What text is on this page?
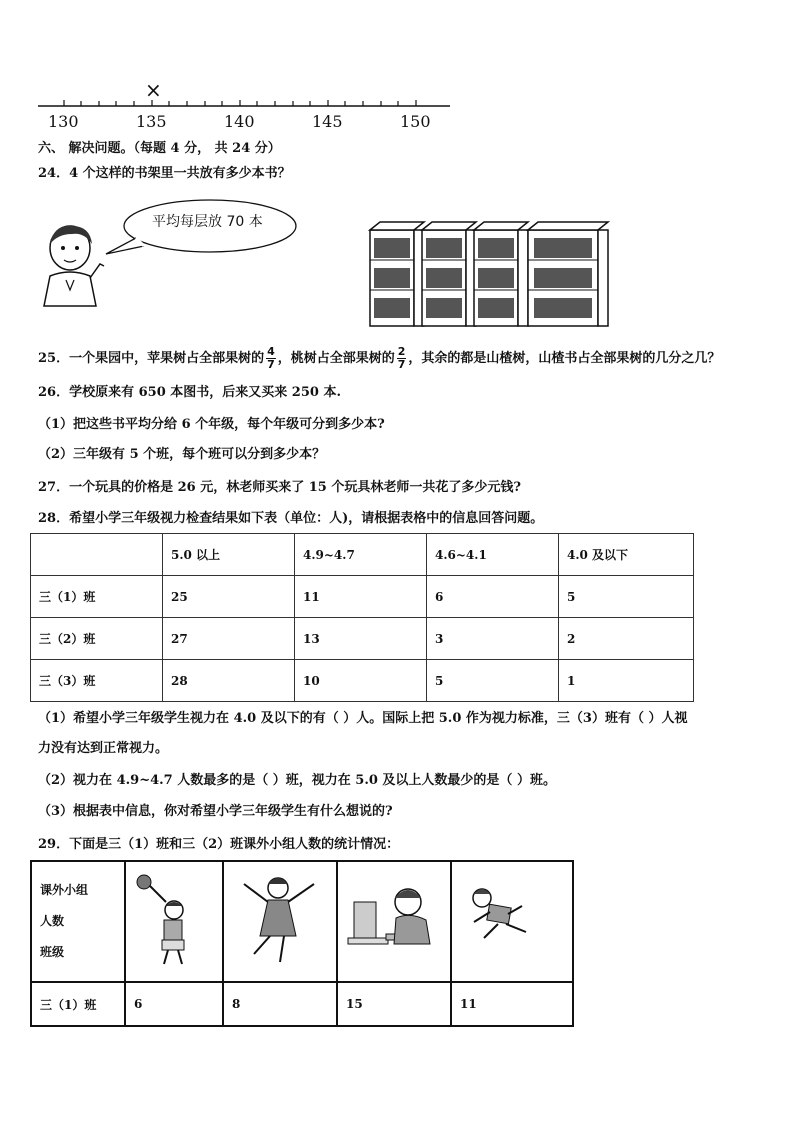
×
130	135	140	145	150
六、 解决问题。（每题 4 分， 共 24 分）
24．4 个这样的书架里一共放有多少本书？
平均每层放 70 本
25．一个果园中，苹果树占全部果树的 $\frac{4}{7}$ ，桃树占全部果树的 $\frac{2}{7}$ ，其余的都是山楂树，山楂书占全部果树的几分之几？
26．学校原来有 650 本图书，后来又买来 250 本.
（1）把这些书平均分给 6 个年级，每个年级可分到多少本?
（2）三年级有 5 个班，每个班可以分到多少本？
27．一个玩具的价格是 26 元，林老师买来了 15 个玩具林老师一共花了多少元钱?
28．希望小学三年级视力检查结果如下表（单位：人)，请根据表格中的信息回答问题。
	5.0 以上	4.9~4.7	4.6~4.1	4.0 及以下
三（1）班	25	11	6	5
三（2）班	27	13	3	2
三（3）班	28	10	5	1
（1）希望小学三年级学生视力在 4.0 及以下的有（ ）人。国际上把 5.0 作为视力标准，三（3）班有（ ）人视
力没有达到正常视力。
（2）视力在 4.9~4.7 人数最多的是（ ）班，视力在 5.0 及以上人数最少的是（ ）班。
（3）根据表中信息，你对希望小学三年级学生有什么想说的?
29．下面是三（1）班和三（2）班课外小组人数的统计情况：
课外小组
人数
班级

三（1）班	6	8	15	11
